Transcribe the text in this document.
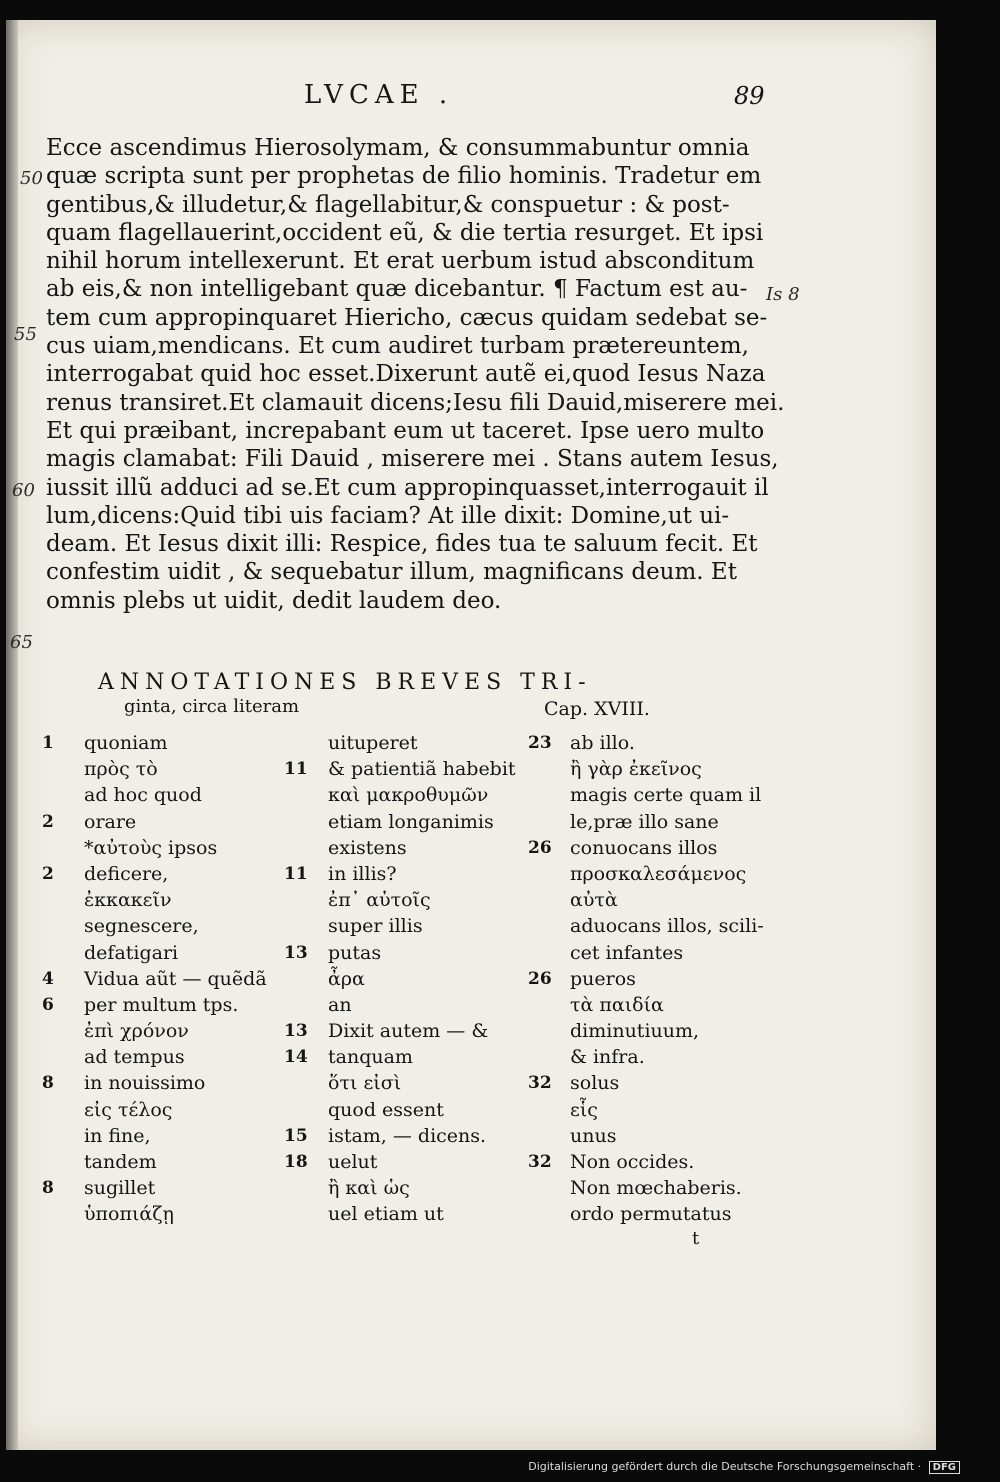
LVCAE .	89
Ecce ascendimus Hierosolymam, & consummabuntur omnia
quæ scripta sunt per prophetas de filio hominis. Tradetur em
gentibus,& illudetur,& flagellabitur,& conspuetur : & post-
quam flagellauerint,occident eũ, & die tertia resurget. Et ipsi
nihil horum intellexerunt. Et erat uerbum istud absconditum
ab eis,& non intelligebant quæ dicebantur. ¶ Factum est au-
tem cum appropinquaret Hiericho, cæcus quidam sedebat se-
cus uiam,mendicans. Et cum audiret turbam prætereuntem,
interrogabat quid hoc esset.Dixerunt autẽ ei,quod Iesus Naza
renus transiret.Et clamauit dicens;Iesu fili Dauid,miserere mei.
Et qui præibant, increpabant eum ut taceret. Ipse uero multo
magis clamabat: Fili Dauid , miserere mei . Stans autem Iesus,
iussit illũ adduci ad se.Et cum appropinquasset,interrogauit il
lum,dicens:Quid tibi uis faciam? At ille dixit: Domine,ut ui-
deam. Et Iesus dixit illi: Respice, fides tua te saluum fecit. Et
confestim uidit , & sequebatur illum, magnificans deum. Et
omnis plebs ut uidit, dedit laudem deo.
50
55
60
65
Is 8
ANNOTATIONES BREVES TRI-
ginta, circa literam	Cap. XVIII.
1 quoniam
πρὸς τὸ
ad hoc quod
2 orare
*αὐτοὺς ipsos
2 deficere,
ἐκκακεῖν
segnescere,
defatigari
4 Vidua aũt — quẽdã
6 per multum tps.
ἐπὶ χρόνον
ad tempus
8 in nouissimo
εἰς τέλος
in fine,
tandem
8 sugillet
ὑποπιάζῃ
uituperet
11 & patientiã habebit
καὶ μακροθυμῶν
etiam longanimis
existens
11 in illis?
ἐπ᾽ αὐτοῖς
super illis
13 putas
ἆρα
an
13 Dixit autem — &
14 tanquam
ὅτι εἰσὶ
quod essent
15 istam, — dicens.
18 uelut
ἢ καὶ ὡς
uel etiam ut
23 ab illo.
ἢ γὰρ ἐκεῖνος
magis certe quam il
le,præ illo sane
26 conuocans illos
προσκαλεσάμενος
αὐτὰ
aduocans illos, scili-
cet infantes
26 pueros
τὰ παιδία
diminutiuum,
& infra.
32 solus
εἷς
unus
32 Non occides.
Non mœchaberis.
ordo permutatus
t
Digitalisierung gefördert durch die Deutsche Forschungsgemeinschaft · DFG
